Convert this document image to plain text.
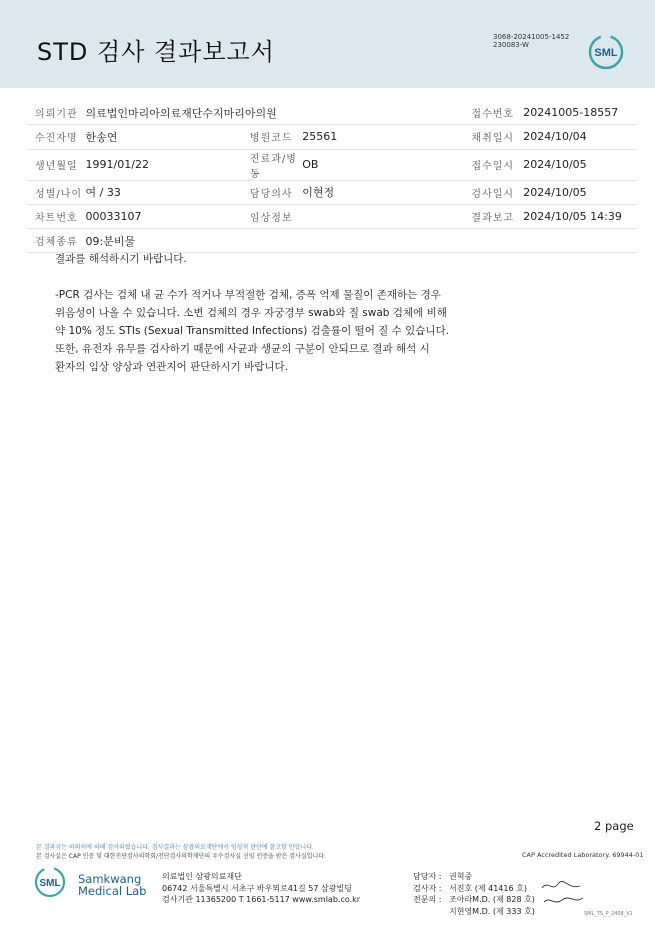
STD 검사 결과보고서
3068-20241005-1452
230083-W
SML
의뢰기관	의료법인마리아의료재단수지마리아의원			접수번호	20241005-18557
수진자명	한송연	병원코드	25561	채취일시	2024/10/04
생년월일	1991/01/22	진료과/병동	OB	접수일시	2024/10/05
성별/나이	여 / 33	담당의사	이현정	검사일시	2024/10/05
차트번호	00033107	임상정보		결과보고	2024/10/05 14:39
검체종류	09:분비물				

결과를 해석하시기 바랍니다.

-PCR 검사는 검체 내 균 수가 적거나 부적절한 검체, 증폭 억제 물질이 존재하는 경우

위음성이 나올 수 있습니다. 소변 검체의 경우 자궁경부 swab와 질 swab 검체에 비해

약 10% 정도 STIs (Sexual Transmitted Infections) 검출률이 떨어 질 수 있습니다.

또한, 유전자 유무를 검사하기 때문에 사균과 생균의 구분이 안되므로 결과 해석 시

환자의 임상 양상과 연관지어 판단하시기 바랍니다.

2 page
본 결과지는 의뢰처에 의해 검사되었습니다. 검사결과는 삼광의료재단에서 임상적 판단에 참고할 만합니다.
본 검사실은 CAP 인증 및 대한진단검사의학회/진단검사의학재단의 우수검사실 신임 인증을 받은 검사실입니다.	CAP Accredited Laboratory. 69944-01
SML Samkwang
Medical Lab
의료법인 삼광의료재단
06742 서울특별시 서초구 바우뫼로41길 57 삼광빌딩
검사기관 11365200 T 1661-5117 www.smlab.co.kr
담당자 : 권혁중
검사자 : 서진호 (제 41416 호)
전문의 : 조아라M.D. (제 828 호)
지현영M.D. (제 333 호)	SML_TS_P_2408_V1
